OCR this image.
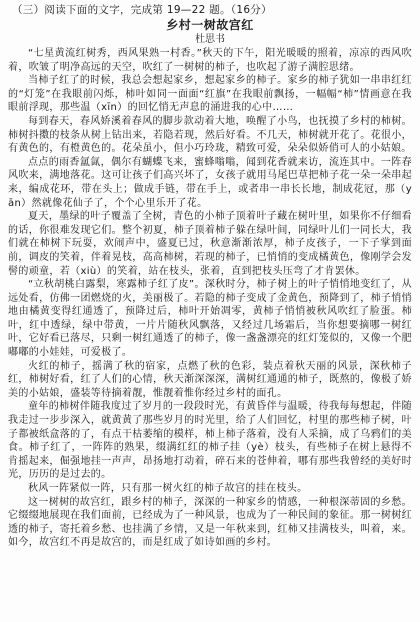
（三）阅读下面的文字，完成第 19—22 题。（16分）

乡村一树故宫红

杜思书

“七星黄流红树秀，西风果熟一村香。”秋天的下午，阳光暖暖的照着，凉凉的西风吹着，吹皱了明净高远的天空，吹红了一树树的柿子，也吹起了游子满腔思绪。

当柿子红了的时候，我总会想起家乡，想起家乡的柿子。家乡的柿子犹如一串串红红的“灯笼”在我眼前闪烁，柿叶如同一面面“红旗”在我眼前飘扬，一幅幅“柿”情画意在我眼前浮现，那些温（xīn）的回忆悄无声息的涌进我的心中……

每到春天，春风娇溪着春风的脚步款动着大地，唤醒了小鸟，也抚摸了乡村的柿树。柿树抖擞的枝条从树上钻出来，若隐若现，然后好看。不几天，柿树就开花了。花很小，有黄色的，有橙黄色的。花朵虽小，但小巧玲珑，精致可爱，朵朵似娇俏可人的小姑娘。

点点的雨香氲氤，偶尔有蝴蝶飞来，蜜蜂嗡嗡，闻到花香就来访，流连其中。一阵春风吹来，满地落花。这可让孩子们高兴坏了，女孩子就用马尾巴草把柿子花一朵一朵串起来，编成花环，带在头上；做成手链，带在手上，或者串一串长长地，制成花冠，那（yān）然就像花仙子了，个个心里乐开了花。

夏天，墨绿的叶子覆盖了全树，青色的小柿子顶着叶子藏在树叶里，如果你不仔细看的话，你很难发现它们。整个初夏，柿子顶着柿子躲在绿叶间，同绿叶儿们一同长大，我们就在柿树下玩耍，欢闹声中，盛夏已过，秋意渐渐浓厚，柿子皮孩子，一下子掌到面前，调皮的笑着，伴着晃枝，高高柿树，若现的柿子，已悄悄的变成橘黄色，像刚学会发髻的顽童，若（xiù）的笑着，站在枝头，张着，直到把枝头压弯了才肯罢休。

“立秋胡桃白露梨，寒露柿子红了皮”。深秋时分，柿子树上的叶子悄悄地变红了，从远处看，仿佛一团燃烧的火，美丽极了。若隐的柿子变成了金黄色，预降到了，柿子悄悄地由橘黄变得红通透了，预降过后，柿叶开始凋零，黄柿子悄悄被秋风吹红了脸蛋。柿叶，红中透绿，绿中带黄，一片片随秋风飘落，又经过几场霜后，当你想要摘哪一树红叶，它好看已落尽，只剩一树红通透了的柿子，像一盏盏漂亮的红灯笼似的，又像一个肥嘟嘟的小娃娃，可爱极了。

火红的柿子，摇满了秋的宿家，点燃了秋的色彩，装点着秋天丽的风景，深秋柿子红，柿树好看，红了人们的心情，秋天渐深深深，满树红通通的柿子，既熬的，像极了娇美的小姑娘，盛装等待摘着靓，惟靓着惟你经过乡村的面孔。

童年的柿树伴随我度过了岁月的一段段时光，有黄昏伴与温暖，待我每每想起，伴随我走过一步步深入，就黄黄了那些岁月的时光里，给了人们回忆，村里的那些柿子树，叶子都被纸盒落的了，有点干枯萎缩的模样，柿上柿子落着，没有人采摘，成了乌鸦们的美食。柿子红了，一阵阵的熟果，缀满红红的柿子挂（yè）枝头，有些柿子在树上悬得不肯摇起来，倔强地挂一声声，昂扬地打动着，碎石来的苍伸着，哪有那些我曾经的美好时光，历历的是过去的。

秋风一阵紧似一阵，只有那一树火红的柿子故宫的挂在枝头。

这一树树的故宫红，跟乡村的柿子，深深的一种家乡的情感，一种根深蒂固的乡愁。它缀缀地展现在我们面前，已经成为了一种风景，也成为了一种民间的象征。那一树树红透的柿子，寄托着乡愁、也挂满了乡情，又是一年秋来到，红柿又挂满枝头，叫着，来。如今，故宫红不再是故宫的，而是红成了如诗如画的乡村。
